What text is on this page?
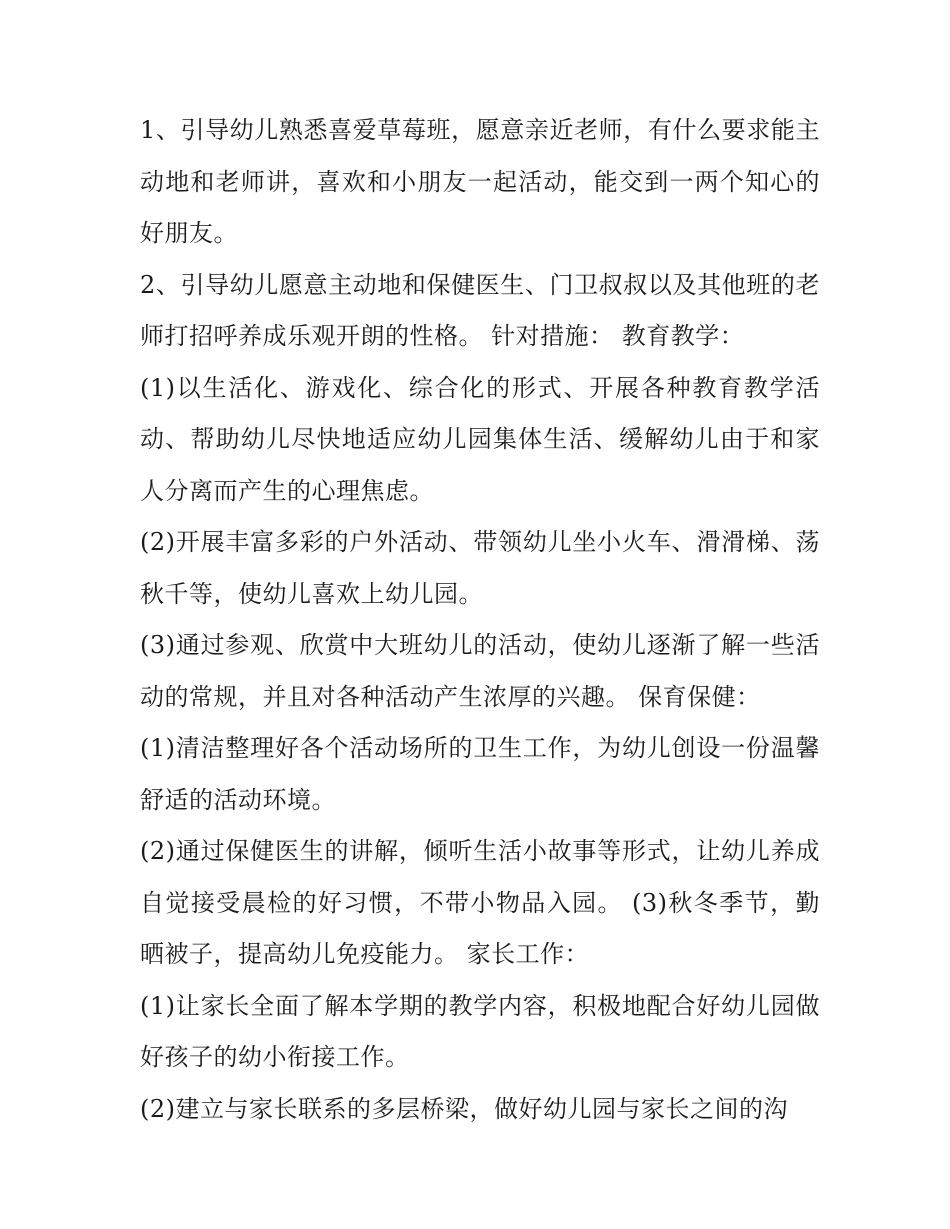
1、引导幼儿熟悉喜爱草莓班，愿意亲近老师，有什么要求能主动地和老师讲，喜欢和小朋友一起活动，能交到一两个知心的好朋友。

2、引导幼儿愿意主动地和保健医生、门卫叔叔以及其他班的老师打招呼养成乐观开朗的性格。 针对措施： 教育教学：

(1)以生活化、游戏化、综合化的形式、开展各种教育教学活动、帮助幼儿尽快地适应幼儿园集体生活、缓解幼儿由于和家人分离而产生的心理焦虑。

(2)开展丰富多彩的户外活动、带领幼儿坐小火车、滑滑梯、荡秋千等，使幼儿喜欢上幼儿园。

(3)通过参观、欣赏中大班幼儿的活动，使幼儿逐渐了解一些活动的常规，并且对各种活动产生浓厚的兴趣。 保育保健：

(1)清洁整理好各个活动场所的卫生工作，为幼儿创设一份温馨舒适的活动环境。

(2)通过保健医生的讲解，倾听生活小故事等形式，让幼儿养成自觉接受晨检的好习惯，不带小物品入园。 (3)秋冬季节，勤晒被子，提高幼儿免疫能力。 家长工作：

(1)让家长全面了解本学期的教学内容，积极地配合好幼儿园做好孩子的幼小衔接工作。

(2)建立与家长联系的多层桥梁，做好幼儿园与家长之间的沟
